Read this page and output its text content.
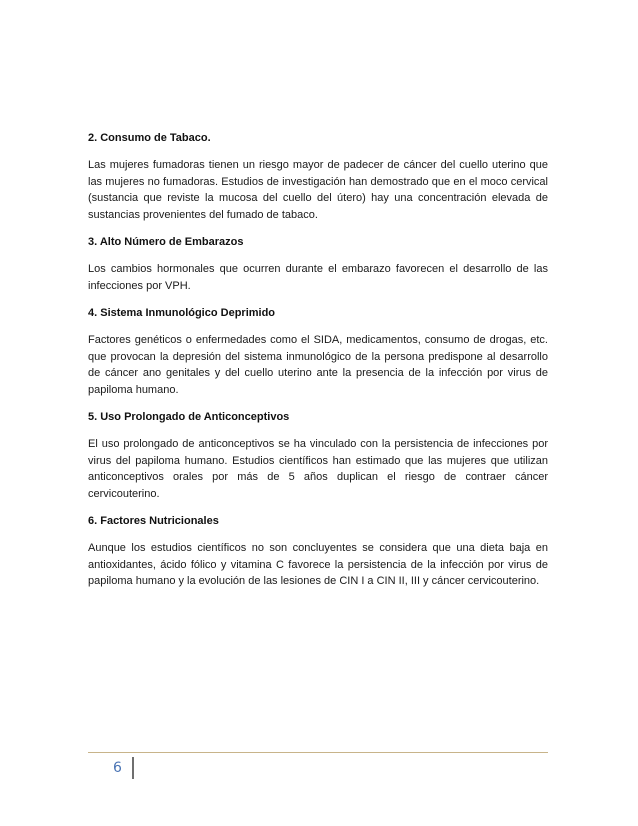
2. Consumo de Tabaco.

Las mujeres fumadoras tienen un riesgo mayor de padecer de cáncer del cuello uterino que las mujeres no fumadoras. Estudios de investigación han demostrado que en el moco cervical (sustancia que reviste la mucosa del cuello del útero) hay una concentración elevada de sustancias provenientes del fumado de tabaco.

3. Alto Número de Embarazos

Los cambios hormonales que ocurren durante el embarazo favorecen el desarrollo de las infecciones por VPH.

4. Sistema Inmunológico Deprimido

Factores genéticos o enfermedades como el SIDA, medicamentos, consumo de drogas, etc. que provocan la depresión del sistema inmunológico de la persona predispone al desarrollo de cáncer ano genitales y del cuello uterino ante la presencia de la infección por virus de papiloma humano.

5. Uso Prolongado de Anticonceptivos

El uso prolongado de anticonceptivos se ha vinculado con la persistencia de infecciones por virus del papiloma humano. Estudios científicos han estimado que las mujeres que utilizan anticonceptivos orales por más de 5 años duplican el riesgo de contraer cáncer cervicouterino.

6. Factores Nutricionales

Aunque los estudios científicos no son concluyentes se considera que una dieta baja en antioxidantes, ácido fólico y vitamina C favorece la persistencia de la infección por virus de papiloma humano y la evolución de las lesiones de CIN I a CIN II, III y cáncer cervicouterino.

6
